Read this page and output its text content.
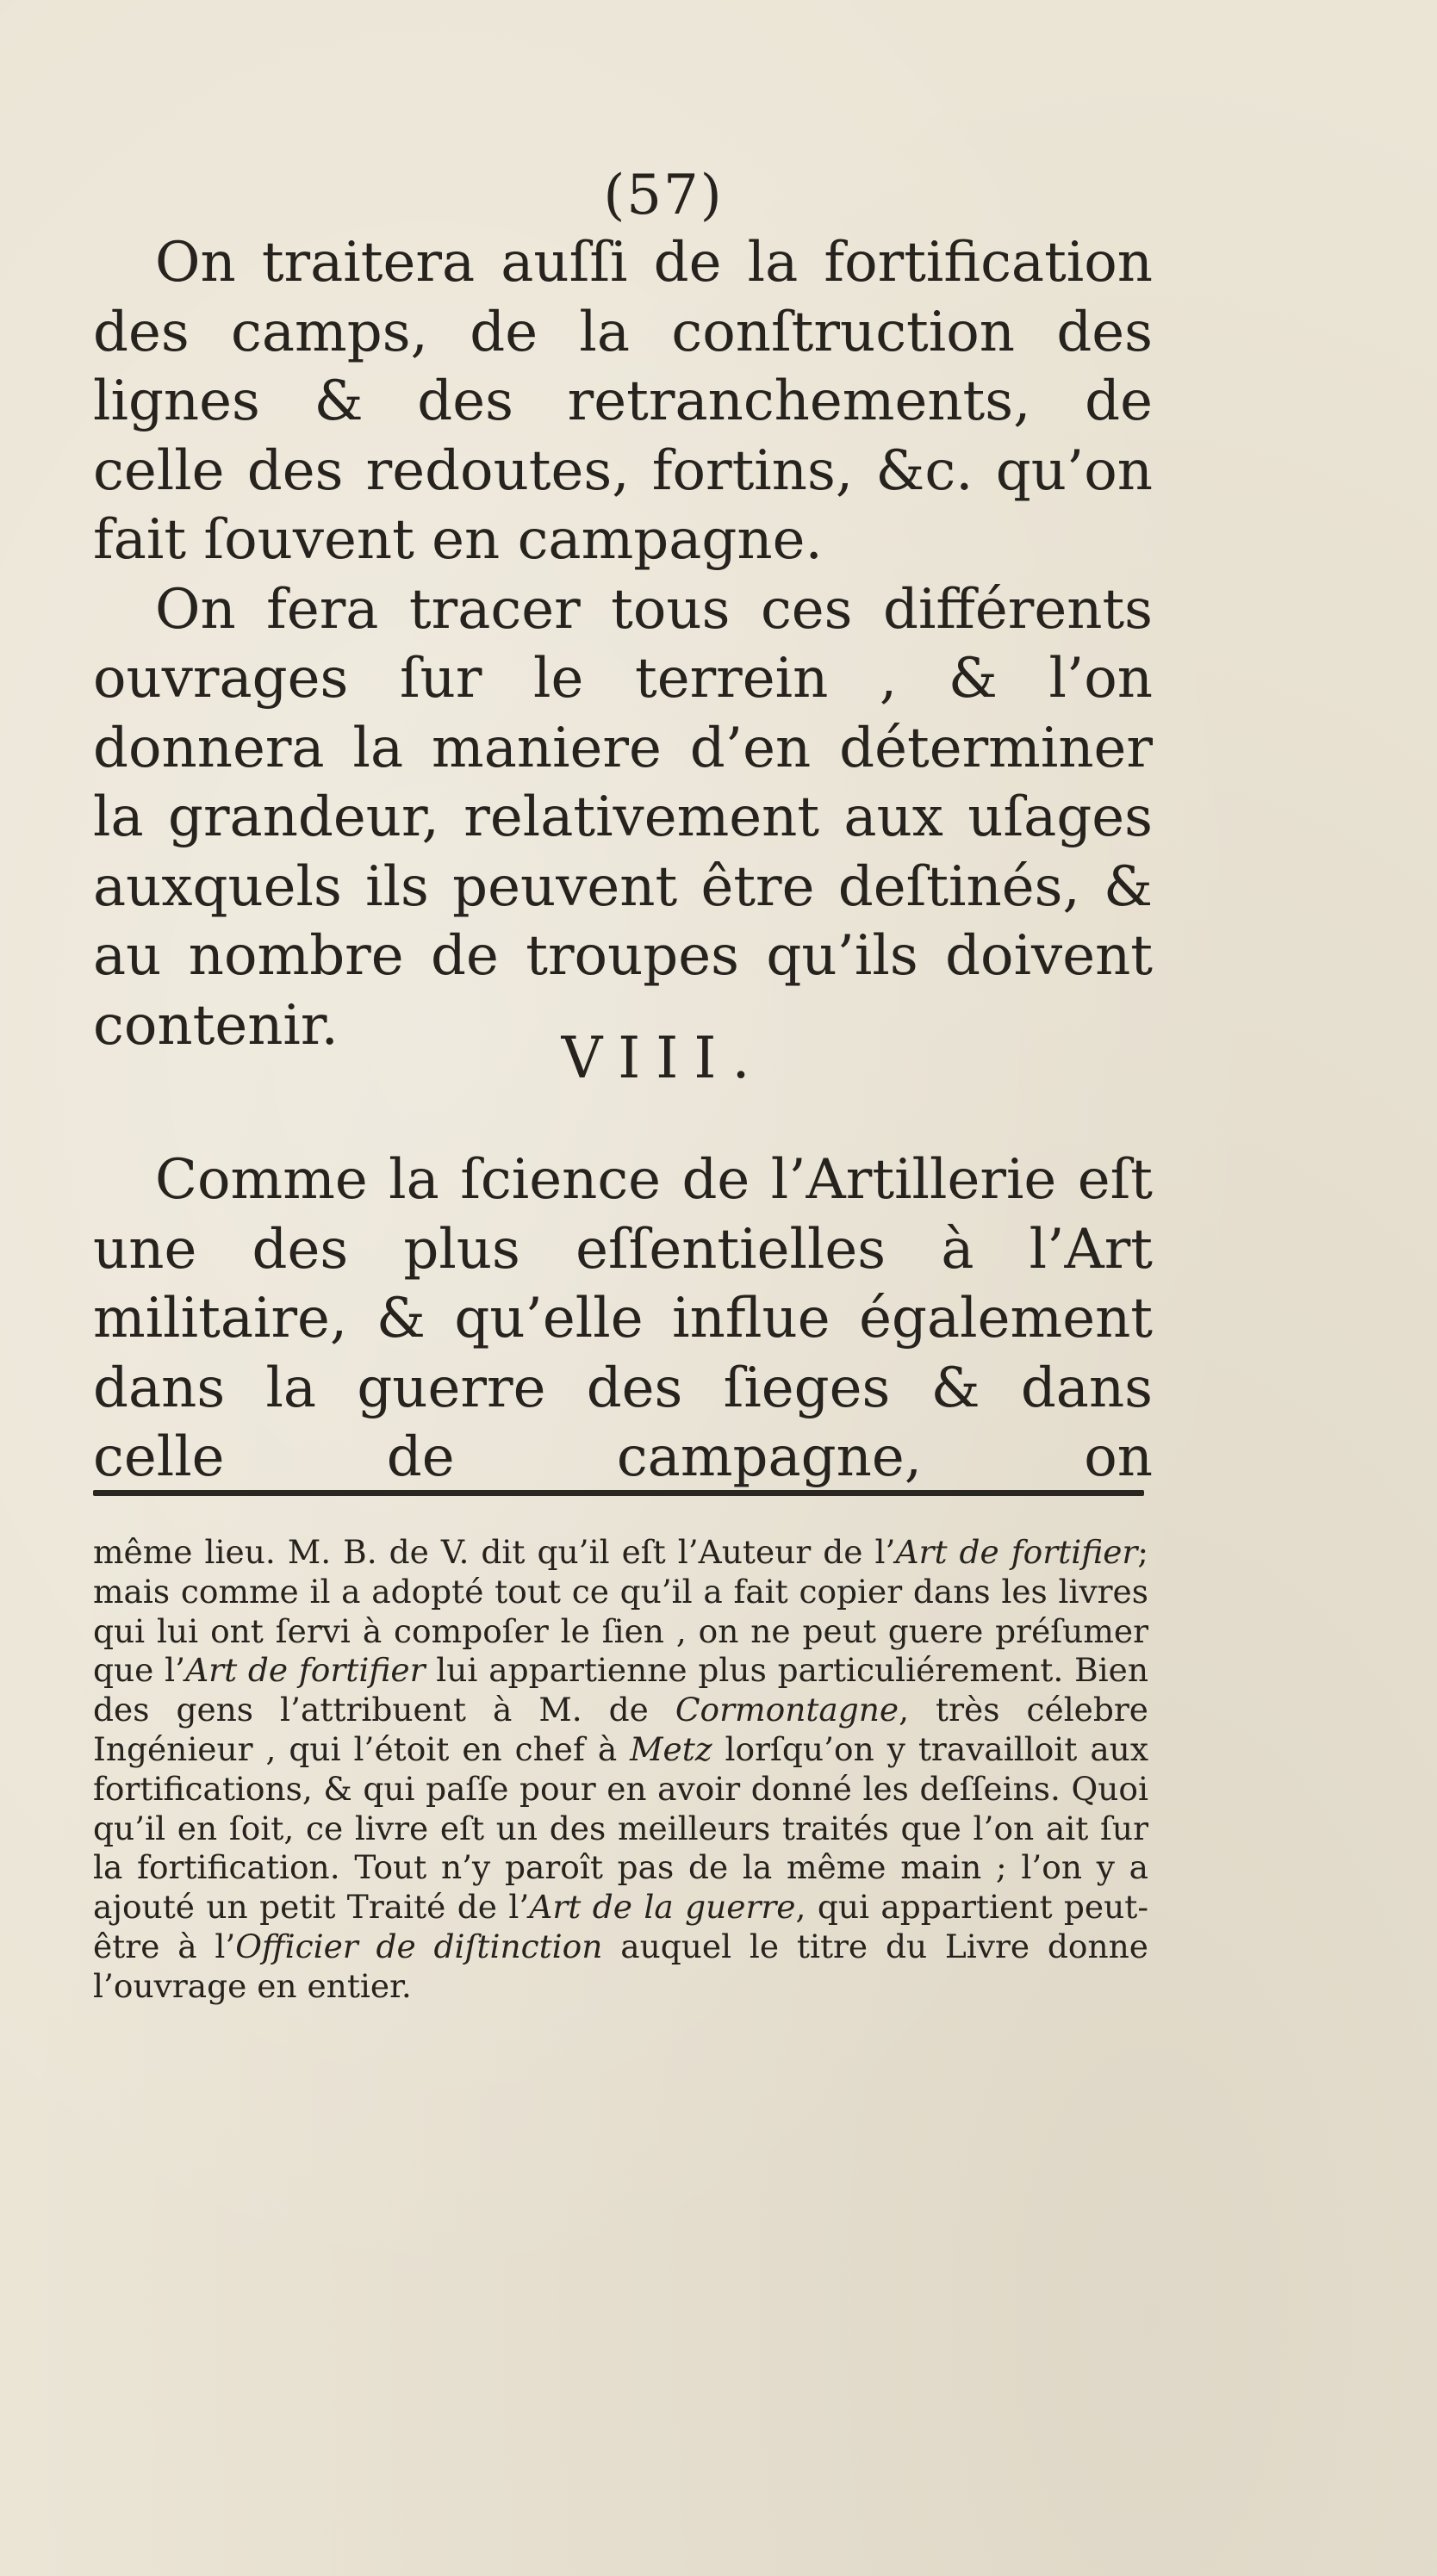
(57)

On traitera auſſi de la fortification des camps, de la conſtruction des lignes & des retranchements, de celle des redoutes, fortins, &c. qu’on fait ſouvent en campagne.

On fera tracer tous ces différents ouvrages ſur le terrein , & l’on donnera la maniere d’en déterminer la grandeur, relativement aux uſages auxquels ils peuvent être deſtinés, & au nombre de troupes qu’ils doivent contenir.	VIII.

Comme la ſcience de l’Artillerie eſt une des plus eſſentielles à l’Art militaire, & qu’elle influe également dans la guerre des ſieges & dans celle de campagne, on

même lieu. M. B. de V. dit qu’il eſt l’Auteur de l’Art de fortifier; mais comme il a adopté tout ce qu’il a fait copier dans les livres qui lui ont ſervi à compoſer le ſien , on ne peut guere préſumer que l’Art de fortifier lui appartienne plus particuliérement. Bien des gens l’attribuent à M. de Cormontagne, très célebre Ingénieur , qui l’étoit en chef à Metz lorſqu’on y travailloit aux fortifications, & qui paſſe pour en avoir donné les deſſeins. Quoi qu’il en ſoit, ce livre eſt un des meilleurs traités que l’on ait ſur la fortification. Tout n’y paroît pas de la même main ; l’on y a ajouté un petit Traité de l’Art de la guerre, qui appartient peut-être à l’Officier de diſtinction auquel le titre du Livre donne l’ouvrage en entier.
